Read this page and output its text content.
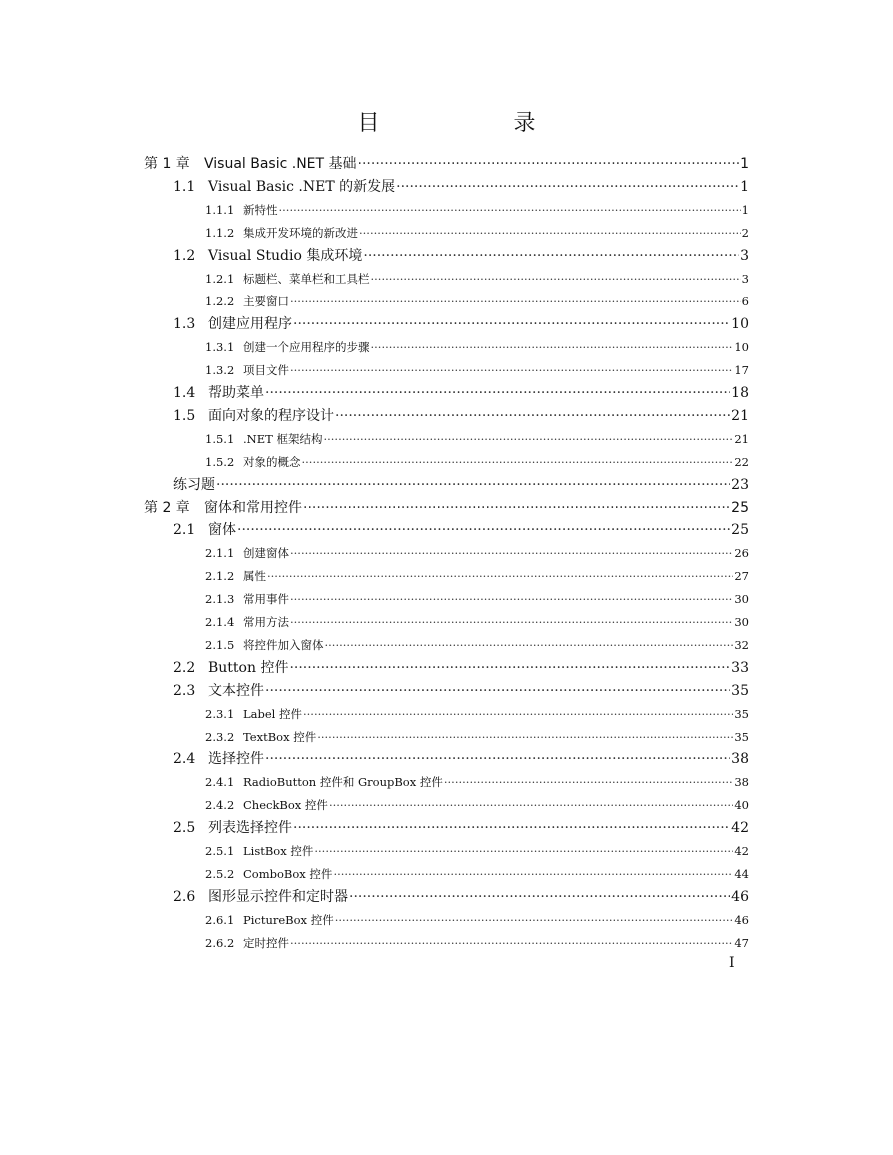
目　　录
第 1 章	Visual Basic .NET 基础 ·····	1
1.1 Visual Basic .NET 的新发展 ·····	1
1.1.1 新特性 ·····	1
1.1.2 集成开发环境的新改进 ·····	2
1.2 Visual Studio 集成环境 ·····	3
1.2.1 标题栏、菜单栏和工具栏 ·····	3
1.2.2 主要窗口 ·····	6
1.3 创建应用程序 ·····	10
1.3.1 创建一个应用程序的步骤 ·····	10
1.3.2 项目文件 ·····	17
1.4 帮助菜单 ·····	18
1.5 面向对象的程序设计 ·····	21
1.5.1 .NET 框架结构 ·····	21
1.5.2 对象的概念 ·····	22
练习题 ·····	23
第 2 章	窗体和常用控件 ·····	25
2.1 窗体 ·····	25
2.1.1 创建窗体 ·····	26
2.1.2 属性 ·····	27
2.1.3 常用事件 ·····	30
2.1.4 常用方法 ·····	30
2.1.5 将控件加入窗体 ·····	32
2.2 Button 控件 ·····	33
2.3 文本控件 ·····	35
2.3.1 Label 控件 ·····	35
2.3.2 TextBox 控件 ·····	35
2.4 选择控件 ·····	38
2.4.1 RadioButton 控件和 GroupBox 控件 ·····	38
2.4.2 CheckBox 控件 ·····	40
2.5 列表选择控件 ·····	42
2.5.1 ListBox 控件 ·····	42
2.5.2 ComboBox 控件 ·····	44
2.6 图形显示控件和定时器 ·····	46
2.6.1 PictureBox 控件 ·····	46
2.6.2 定时控件 ·····	47
I
